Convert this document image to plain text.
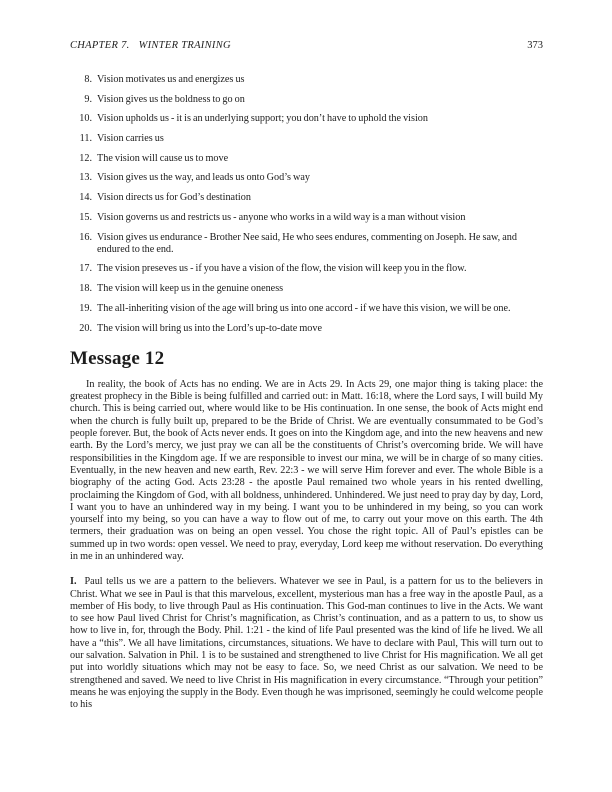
CHAPTER 7. WINTER TRAINING	373
8. Vision motivates us and energizes us
9. Vision gives us the boldness to go on
10. Vision upholds us - it is an underlying support; you don’t have to uphold the vision
11. Vision carries us
12. The vision will cause us to move
13. Vision gives us the way, and leads us onto God’s way
14. Vision directs us for God’s destination
15. Vision governs us and restricts us - anyone who works in a wild way is a man without vision
16. Vision gives us endurance - Brother Nee said, He who sees endures, commenting on Joseph. He saw, and endured to the end.
17. The vision preseves us - if you have a vision of the flow, the vision will keep you in the flow.
18. The vision will keep us in the genuine oneness
19. The all-inheriting vision of the age will bring us into one accord - if we have this vision, we will be one.
20. The vision will bring us into the Lord’s up-to-date move
Message 12

In reality, the book of Acts has no ending. We are in Acts 29. In Acts 29, one major thing is taking place: the greatest prophecy in the Bible is being fulfilled and carried out: in Matt. 16:18, where the Lord says, I will build My church. This is being carried out, where would like to be His continuation. In one sense, the book of Acts might end when the church is fully built up, prepared to be the Bride of Christ. We are eventually consummated to be God’s people forever. But, the book of Acts never ends. It goes on into the Kingdom age, and into the new heavens and new earth. By the Lord’s mercy, we just pray we can all be the constituents of Christ’s overcoming bride. We will have responsibilities in the Kingdom age. If we are responsible to invest our mina, we will be in charge of so many cities. Eventually, in the new heaven and new earth, Rev. 22:3 - we will serve Him forever and ever. The whole Bible is a biography of the acting God. Acts 23:28 - the apostle Paul remained two whole years in his rented dwelling, proclaiming the Kingdom of God, with all boldness, unhindered. Unhindered. We just need to pray day by day, Lord, I want you to have an unhindered way in my being. I want you to be unhindered in my being, so you can work yourself into my being, so you can have a way to flow out of me, to carry out your move on this earth. The 4th termers, their graduation was on being an open vessel. You chose the right topic. All of Paul’s epistles can be summed up in two words: open vessel. We need to pray, everyday, Lord keep me without reservation. Do everything in me in an unhindered way.

I. Paul tells us we are a pattern to the believers. Whatever we see in Paul, is a pattern for us to the believers in Christ. What we see in Paul is that this marvelous, excellent, mysterious man has a free way in the apostle Paul, as a member of His body, to live through Paul as His continuation. This God-man continues to live in the Acts. We want to see how Paul lived Christ for Christ’s magnification, as Christ’s continuation, and as a pattern to us, to show us how to live in, for, through the Body. Phil. 1:21 - the kind of life Paul presented was the kind of life he lived. We all have a “this”. We all have limitations, circumstances, situations. We have to declare with Paul, This will turn out to our salvation. Salvation in Phil. 1 is to be sustained and strengthened to live Christ for His magnification. We all get put into worldly situations which may not be easy to face. So, we need Christ as our salvation. We need to be strengthened and saved. We need to live Christ in His magnification in every circumstance. “Through your petition” means he was enjoying the supply in the Body. Even though he was imprisoned, seemingly he could welcome people to his
